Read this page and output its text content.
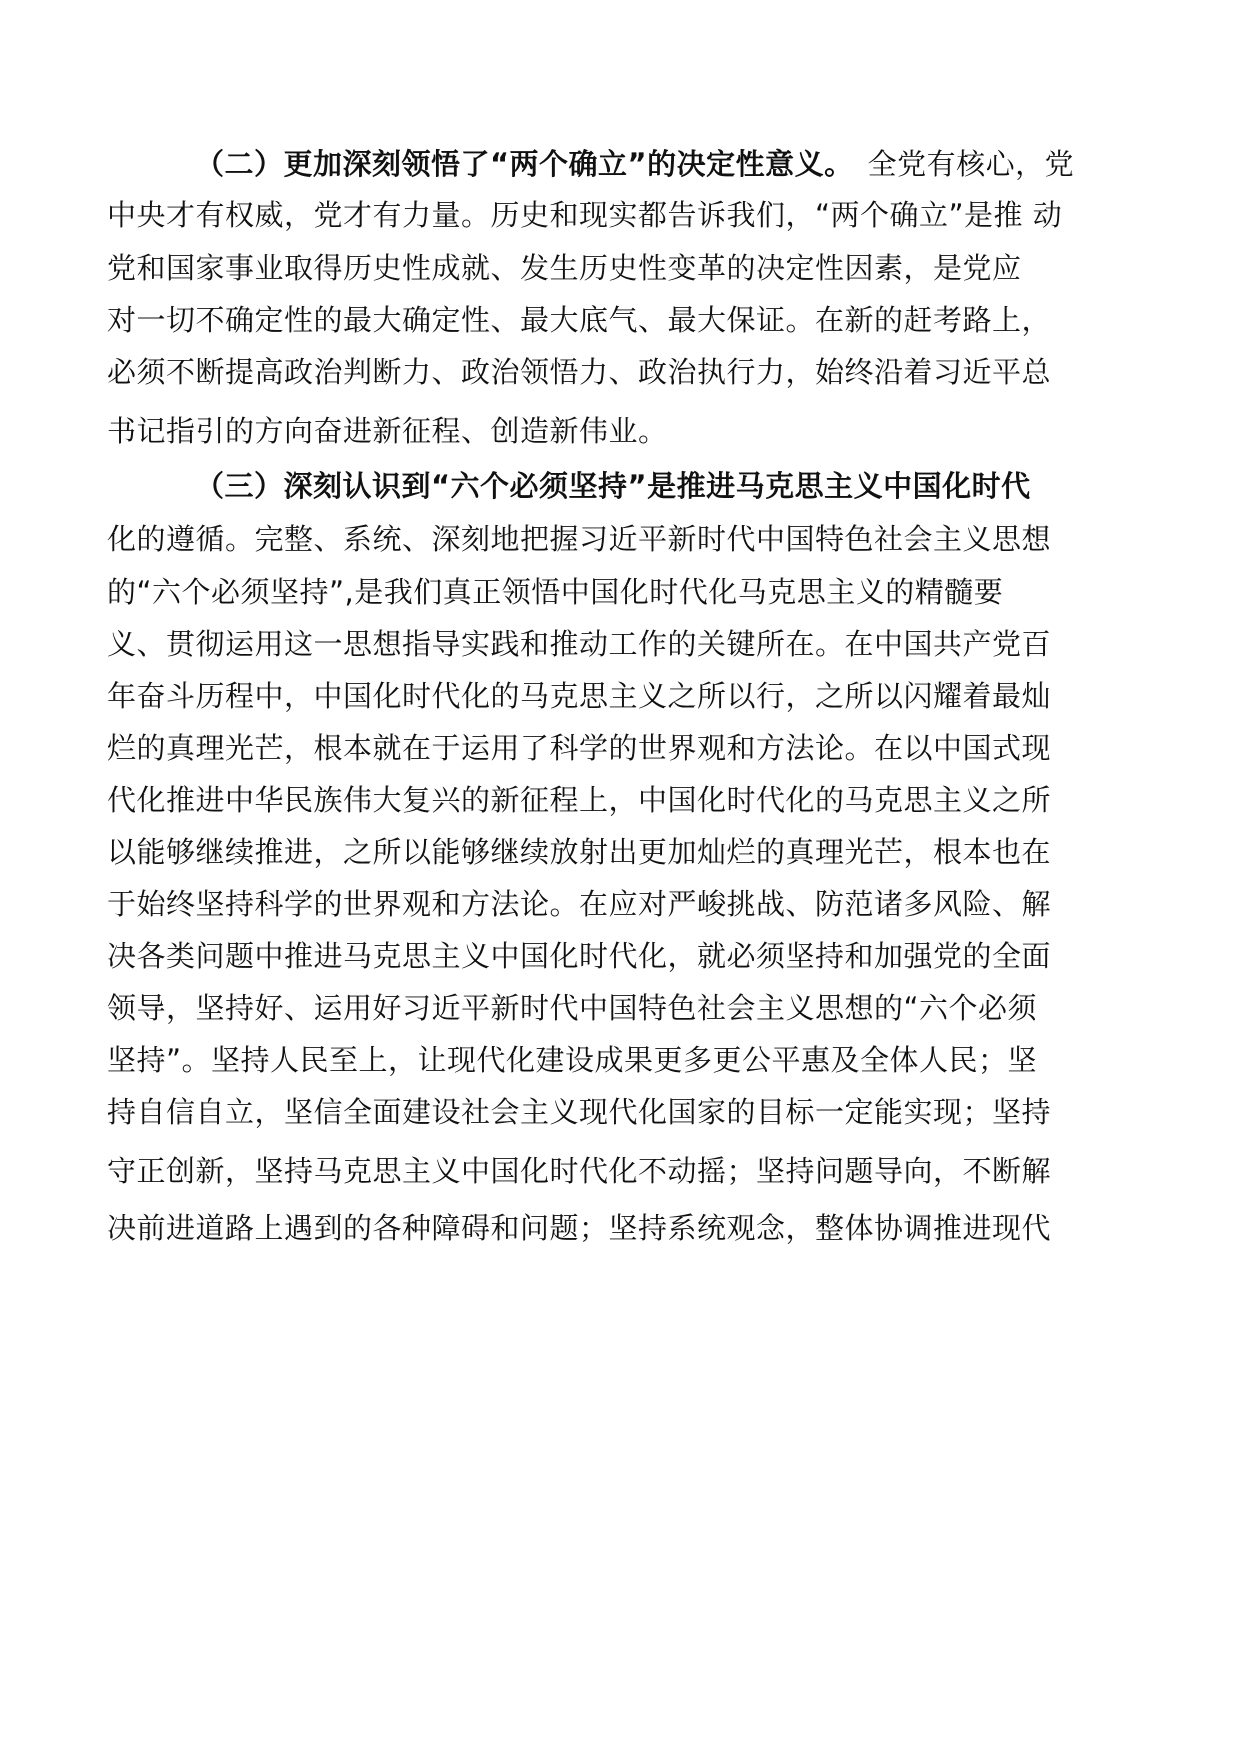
（二）更加深刻领悟了“两个确立”的决定性意义。 全党有核心，党
中央才有权威，党才有力量。历史和现实都告诉我们，“两个确立”是推 动
党和国家事业取得历史性成就、发生历史性变革的决定性因素，是党应
对一切不确定性的最大确定性、最大底气、最大保证。在新的赶考路上，
必须不断提高政治判断力、政治领悟力、政治执行力，始终沿着习近平总
书记指引的方向奋进新征程、创造新伟业。
（三）深刻认识到“六个必须坚持”是推进马克思主义中国化时代
化的遵循。完整、系统、深刻地把握习近平新时代中国特色社会主义思想
的“六个必须坚持”,是我们真正领悟中国化时代化马克思主义的精髓要
义、贯彻运用这一思想指导实践和推动工作的关键所在。在中国共产党百
年奋斗历程中，中国化时代化的马克思主义之所以行，之所以闪耀着最灿
烂的真理光芒，根本就在于运用了科学的世界观和方法论。在以中国式现
代化推进中华民族伟大复兴的新征程上，中国化时代化的马克思主义之所
以能够继续推进，之所以能够继续放射出更加灿烂的真理光芒，根本也在
于始终坚持科学的世界观和方法论。在应对严峻挑战、防范诸多风险、解
决各类问题中推进马克思主义中国化时代化，就必须坚持和加强党的全面
领导，坚持好、运用好习近平新时代中国特色社会主义思想的“六个必须
坚持”。坚持人民至上，让现代化建设成果更多更公平惠及全体人民；坚
持自信自立，坚信全面建设社会主义现代化国家的目标一定能实现；坚持
守正创新，坚持马克思主义中国化时代化不动摇；坚持问题导向，不断解
决前进道路上遇到的各种障碍和问题；坚持系统观念，整体协调推进现代
